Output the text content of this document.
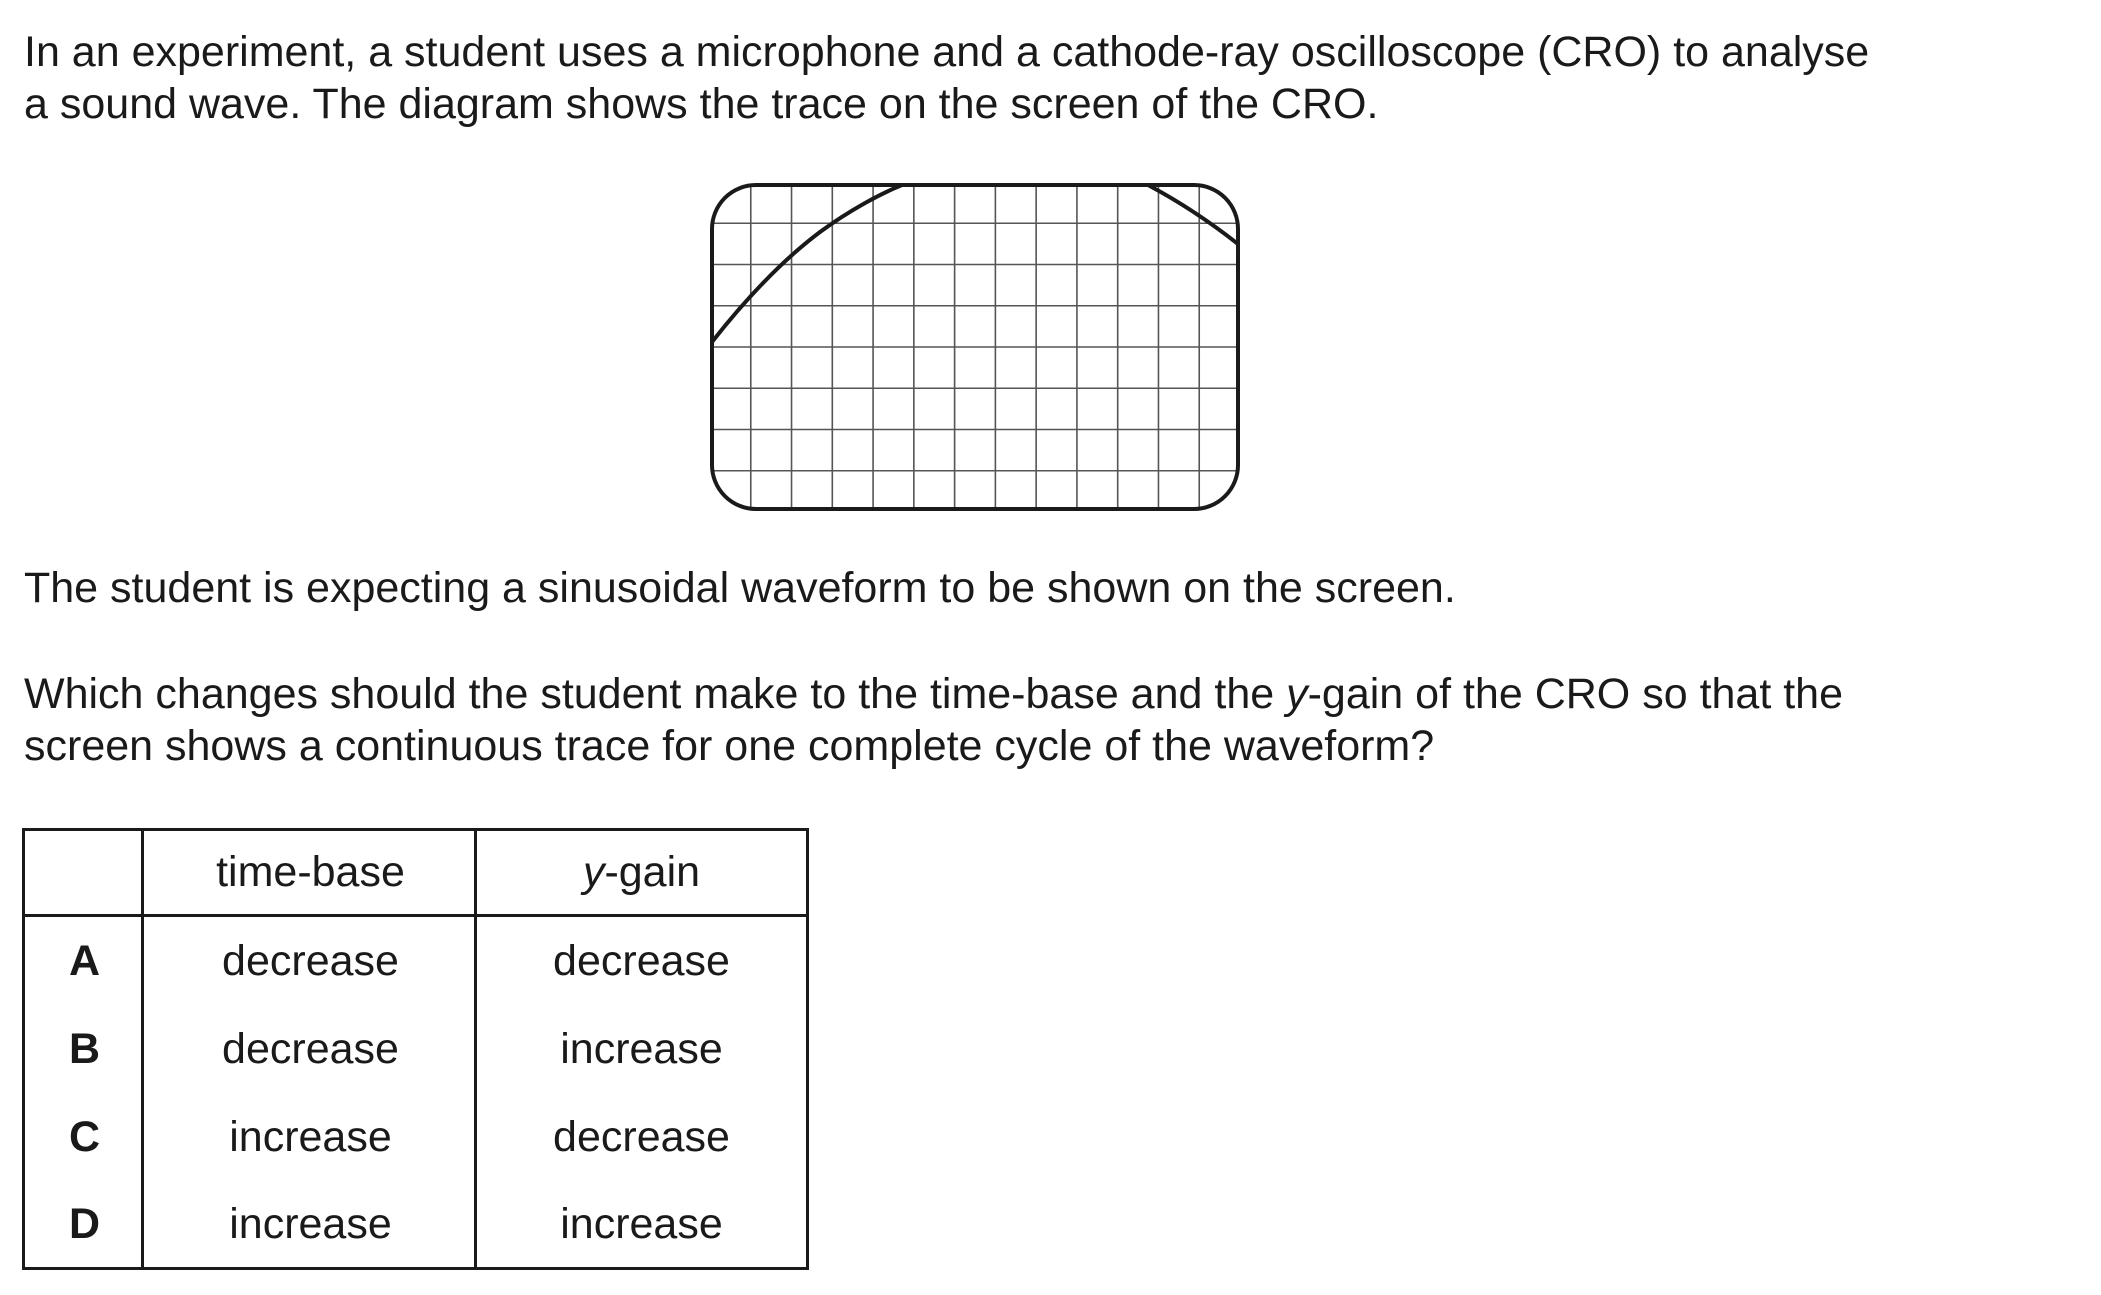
In an experiment, a student uses a microphone and a cathode-ray oscilloscope (CRO) to analyse
a sound wave. The diagram shows the trace on the screen of the CRO.

The student is expecting a sinusoidal waveform to be shown on the screen.

Which changes should the student make to the time-base and the y-gain of the CRO so that the
screen shows a continuous trace for one complete cycle of the waveform?
time-base	y -gain
A	decrease	decrease
B	decrease	increase
C	increase	decrease
D	increase	increase
